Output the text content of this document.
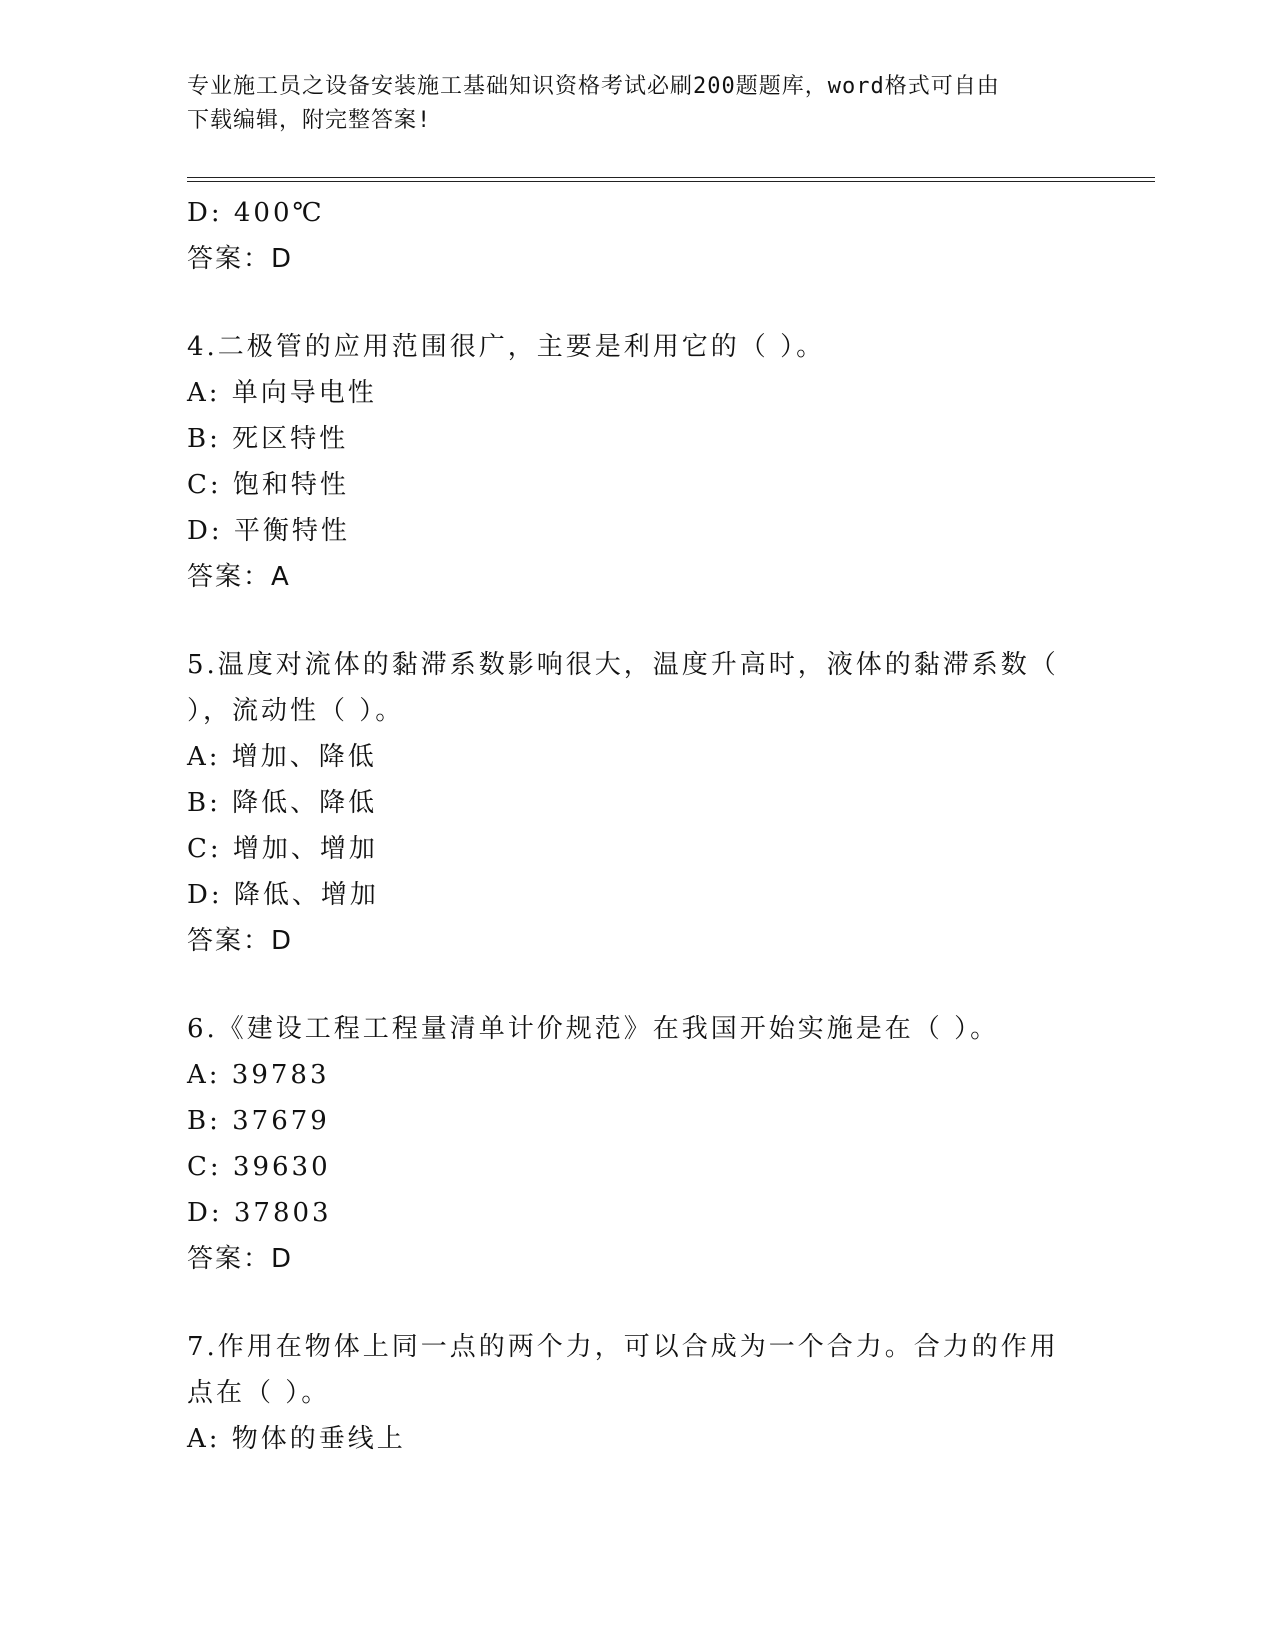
专业施工员之设备安装施工基础知识资格考试必刷200题题库，word格式可自由

下载编辑，附完整答案!

D: 400℃
答案：D
4.二极管的应用范围很广，主要是利用它的（ ）。
A: 单向导电性
B: 死区特性
C: 饱和特性
D: 平衡特性
答案：A
5.温度对流体的黏滞系数影响很大，温度升高时，液体的黏滞系数（
），流动性（ ）。
A: 增加、降低
B: 降低、降低
C: 增加、增加
D: 降低、增加
答案：D
6.《建设工程工程量清单计价规范》在我国开始实施是在（ ）。
A: 39783
B: 37679
C: 39630
D: 37803
答案：D
7.作用在物体上同一点的两个力，可以合成为一个合力。合力的作用
点在（ ）。
A: 物体的垂线上
